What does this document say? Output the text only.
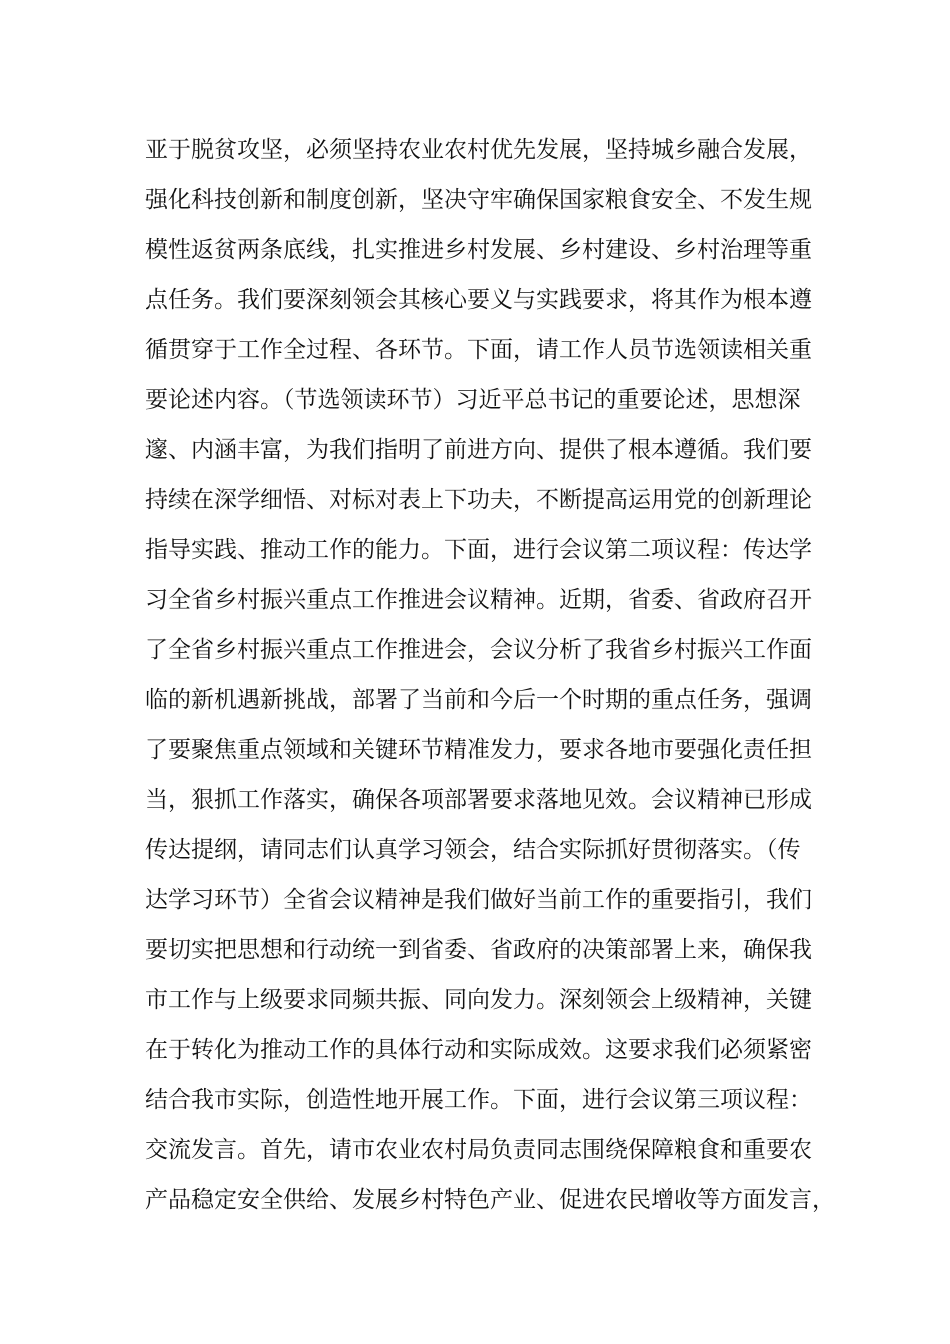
亚于脱贫攻坚，必须坚持农业农村优先发展，坚持城乡融合发展，
强化科技创新和制度创新，坚决守牢确保国家粮食安全、不发生规
模性返贫两条底线，扎实推进乡村发展、乡村建设、乡村治理等重
点任务。我们要深刻领会其核心要义与实践要求，将其作为根本遵
循贯穿于工作全过程、各环节。下面，请工作人员节选领读相关重
要论述内容。（节选领读环节）习近平总书记的重要论述，思想深
邃、内涵丰富，为我们指明了前进方向、提供了根本遵循。我们要
持续在深学细悟、对标对表上下功夫，不断提高运用党的创新理论
指导实践、推动工作的能力。下面，进行会议第二项议程：传达学
习全省乡村振兴重点工作推进会议精神。近期，省委、省政府召开
了全省乡村振兴重点工作推进会，会议分析了我省乡村振兴工作面
临的新机遇新挑战，部署了当前和今后一个时期的重点任务，强调
了要聚焦重点领域和关键环节精准发力，要求各地市要强化责任担
当，狠抓工作落实，确保各项部署要求落地见效。会议精神已形成
传达提纲，请同志们认真学习领会，结合实际抓好贯彻落实。（传
达学习环节）全省会议精神是我们做好当前工作的重要指引，我们
要切实把思想和行动统一到省委、省政府的决策部署上来，确保我
市工作与上级要求同频共振、同向发力。深刻领会上级精神，关键
在于转化为推动工作的具体行动和实际成效。这要求我们必须紧密
结合我市实际，创造性地开展工作。下面，进行会议第三项议程：
交流发言。首先，请市农业农村局负责同志围绕保障粮食和重要农
产品稳定安全供给、发展乡村特色产业、促进农民增收等方面发言，
